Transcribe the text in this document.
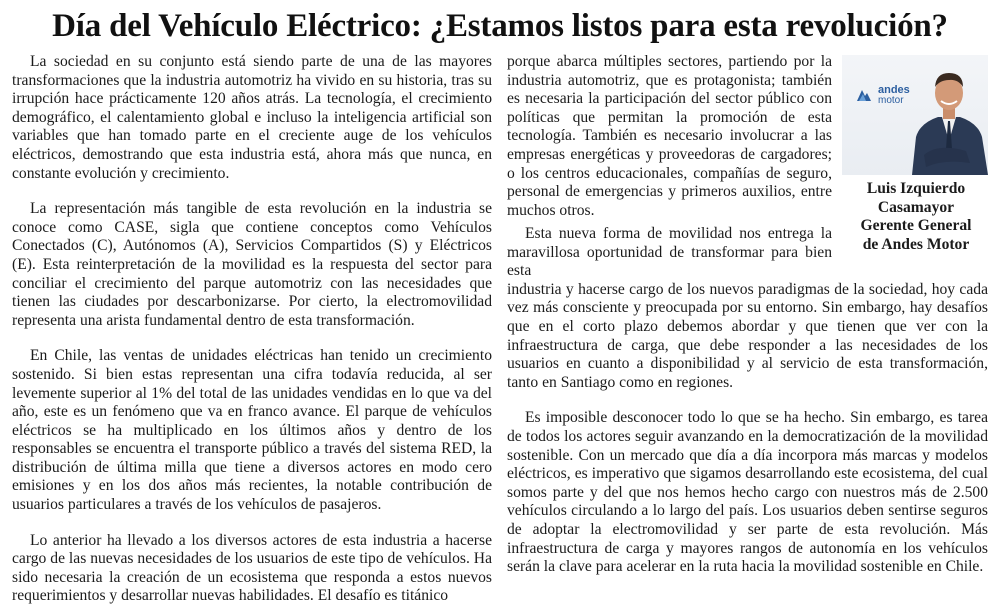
Día del Vehículo Eléctrico: ¿Estamos listos para esta revolución?

La sociedad en su conjunto está siendo parte de una de las mayores transformaciones que la industria automotriz ha vivido en su historia, tras su irrupción hace prácticamente 120 años atrás. La tecnología, el crecimiento demográfico, el calentamiento global e incluso la inteligencia artificial son variables que han tomado parte en el creciente auge de los vehículos eléctricos, demostrando que esta industria está, ahora más que nunca, en constante evolución y crecimiento.

La representación más tangible de esta revolución en la industria se conoce como CASE, sigla que contiene conceptos como Vehículos Conectados (C), Autónomos (A), Servicios Compartidos (S) y Eléctricos (E). Esta reinterpretación de la movilidad es la respuesta del sector para conciliar el crecimiento del parque automotriz con las necesidades que tienen las ciudades por descarbonizarse. Por cierto, la electromovilidad representa una arista fundamental dentro de esta transformación.

En Chile, las ventas de unidades eléctricas han tenido un crecimiento sostenido. Si bien estas representan una cifra todavía reducida, al ser levemente superior al 1% del total de las unidades vendidas en lo que va del año, este es un fenómeno que va en franco avance. El parque de vehículos eléctricos se ha multiplicado en los últimos años y dentro de los responsables se encuentra el transporte público a través del sistema RED, la distribución de última milla que tiene a diversos actores en modo cero emisiones y en los dos años más recientes, la notable contribución de usuarios particulares a través de los vehículos de pasajeros.

Lo anterior ha llevado a los diversos actores de esta industria a hacerse cargo de las nuevas necesidades de los usuarios de este tipo de vehículos. Ha sido necesaria la creación de un ecosistema que responda a estos nuevos requerimientos y desarrollar nuevas habilidades. El desafío es titánico

porque abarca múltiples sectores, partiendo por la industria automotriz, que es protagonista; también es necesaria la participación del sector público con políticas que permitan la promoción de esta tecnología. También es necesario involucrar a las empresas energéticas y proveedoras de cargadores; o los centros educacionales, compañías de seguro, personal de emergencias y primeros auxilios, entre muchos otros.

Esta nueva forma de movilidad nos entrega la maravillosa oportunidad de transformar para bien esta
industria y hacerse cargo de los nuevos paradigmas de la sociedad, hoy cada vez más consciente y preocupada por su entorno. Sin embargo, hay desafíos que en el corto plazo debemos abordar y que tienen que ver con la infraestructura de carga, que debe responder a las necesidades de los usuarios en cuanto a disponibilidad y al servicio de esta transformación, tanto en Santiago como en regiones.

Es imposible desconocer todo lo que se ha hecho. Sin embargo, es tarea de todos los actores seguir avanzando en la democratización de la movilidad sostenible. Con un mercado que día a día incorpora más marcas y modelos eléctricos, es imperativo que sigamos desarrollando este ecosistema, del cual somos parte y del que nos hemos hecho cargo con nuestros más de 2.500 vehículos circulando a lo largo del país. Los usuarios deben sentirse seguros de adoptar la electromovilidad y ser parte de esta revolución. Más infraestructura de carga y mayores rangos de autonomía en los vehículos serán la clave para acelerar en la ruta hacia la movilidad sostenible en Chile.

andes
motor
Luis Izquierdo
Casamayor
Gerente General
de Andes Motor
